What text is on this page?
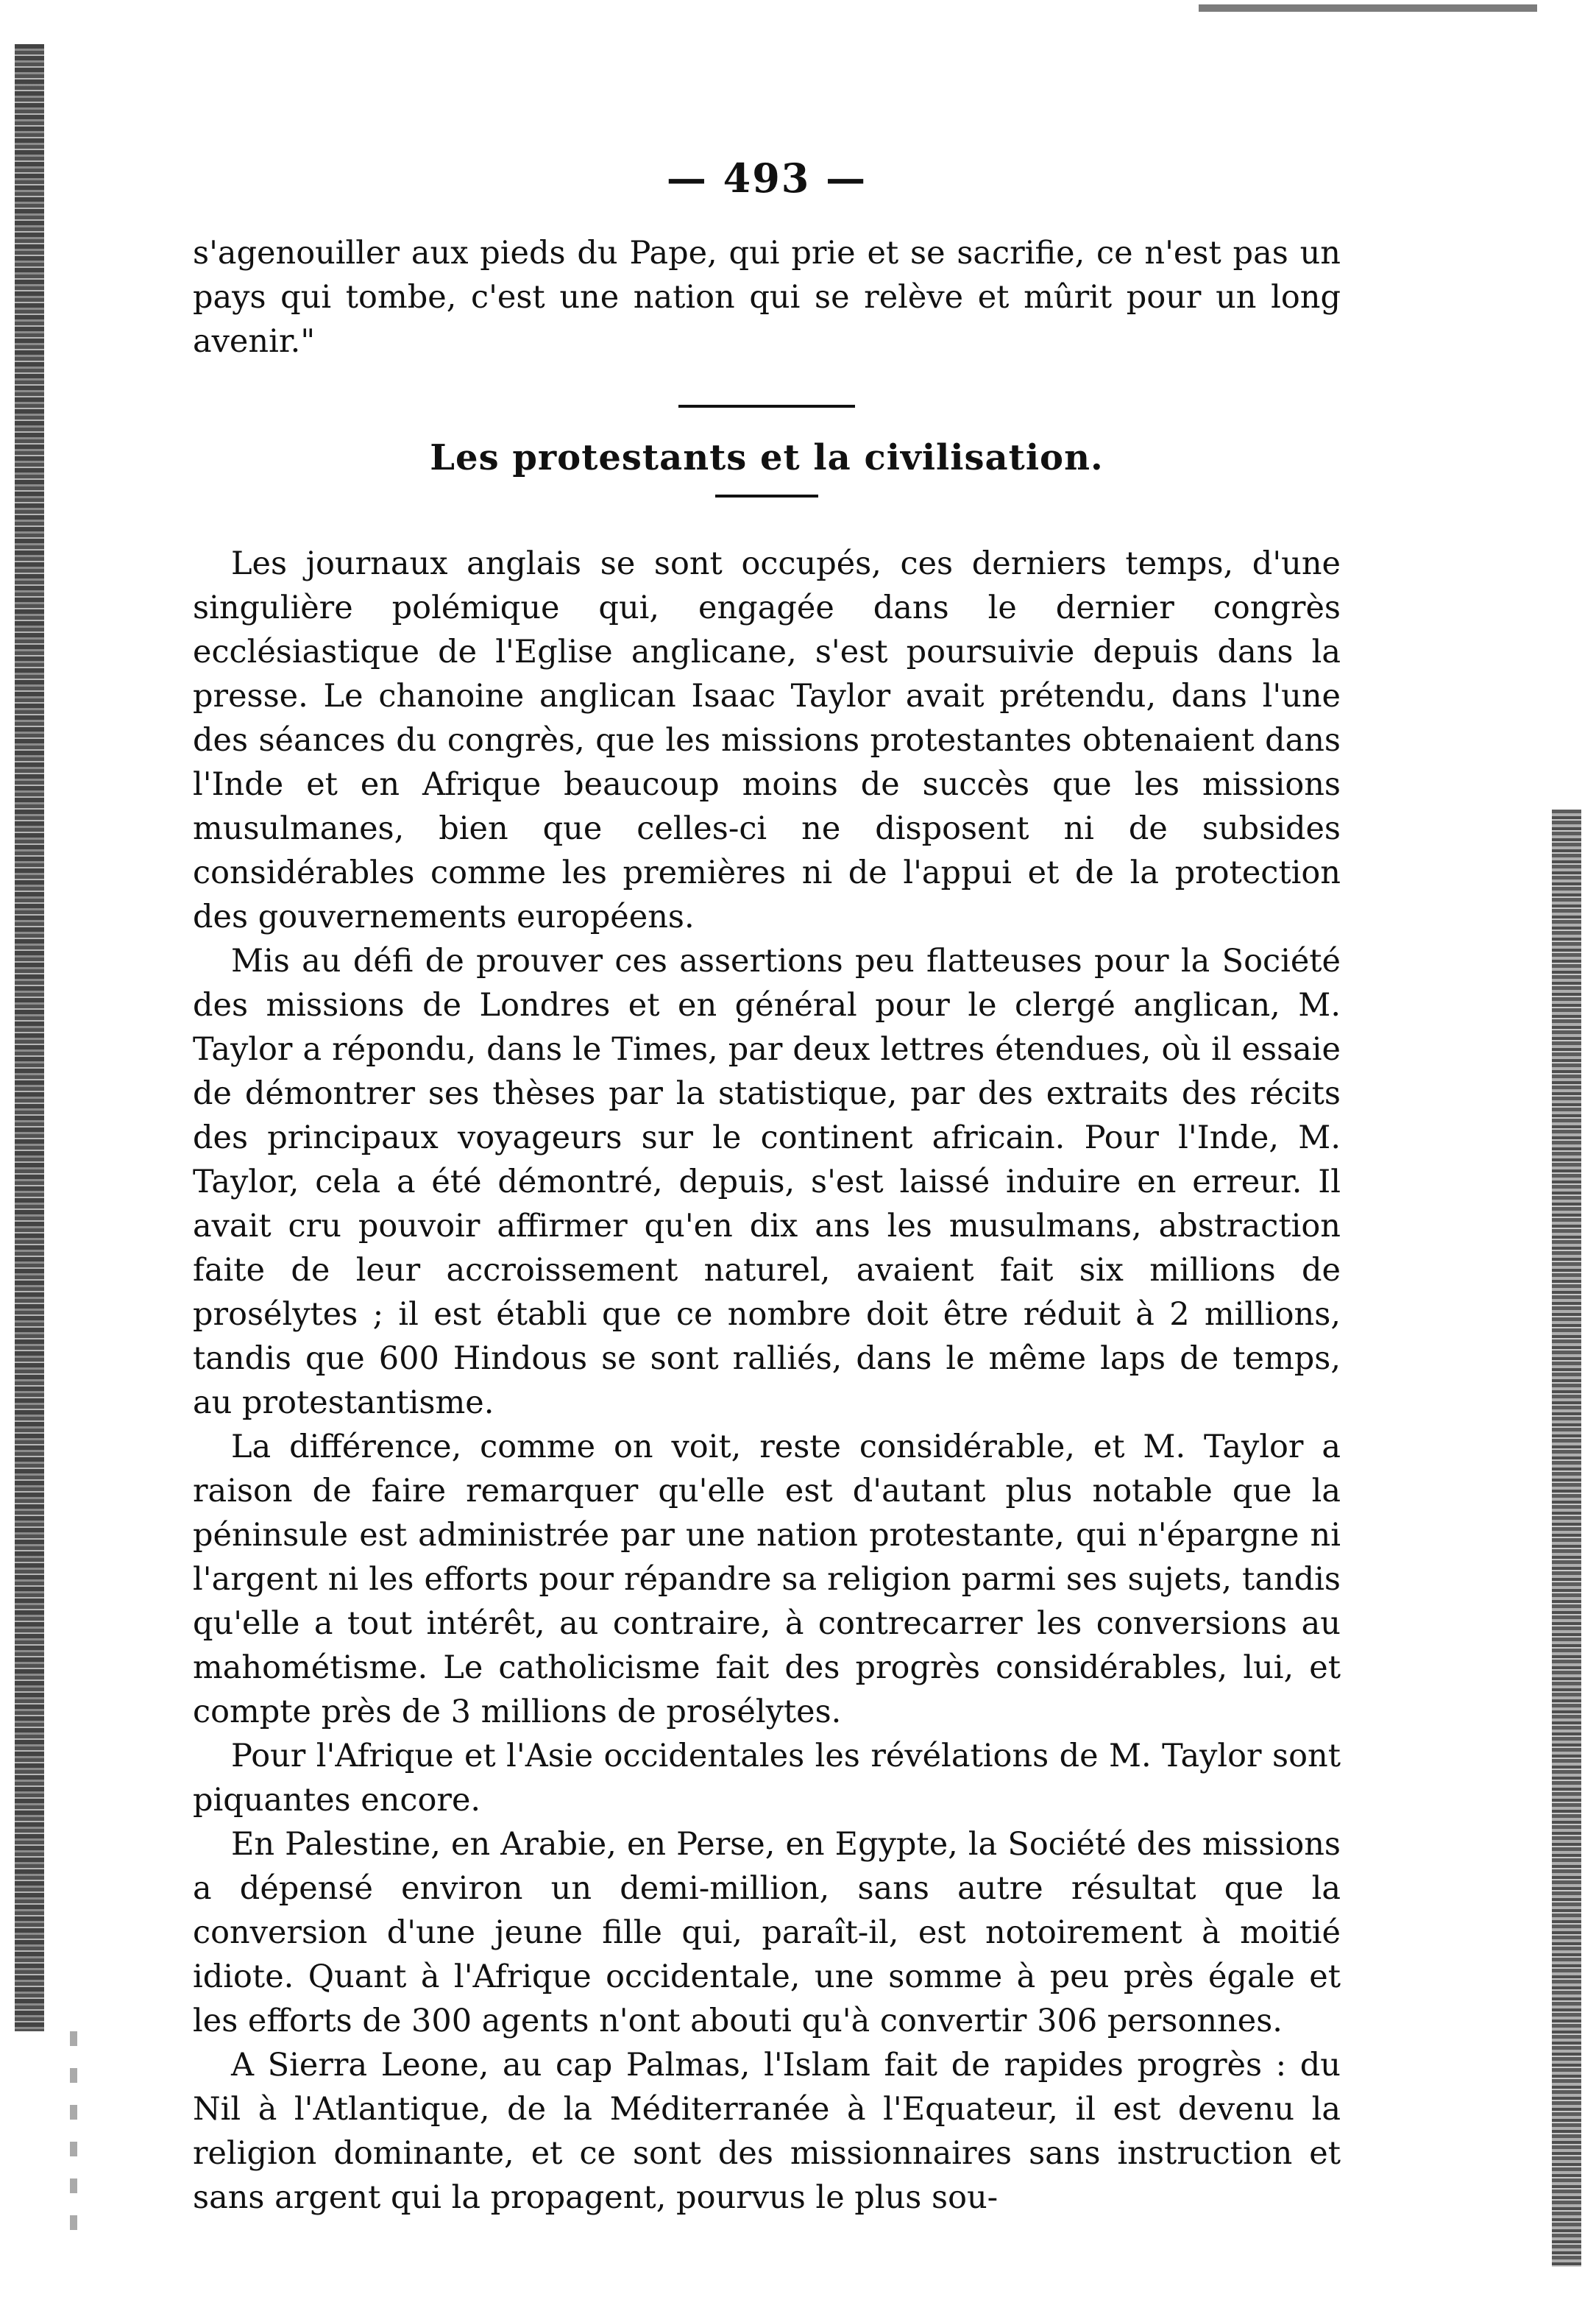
— 493 —

s'agenouiller aux pieds du Pape, qui prie et se sacrifie, ce n'est pas un pays qui tombe, c'est une nation qui se relève et mûrit pour un long avenir."

Les protestants et la civilisation.

Les journaux anglais se sont occupés, ces derniers temps, d'une singulière polémique qui, engagée dans le dernier congrès ecclésiastique de l'Eglise anglicane, s'est poursuivie depuis dans la presse. Le chanoine anglican Isaac Taylor avait prétendu, dans l'une des séances du congrès, que les missions protestantes obtenaient dans l'Inde et en Afrique beaucoup moins de succès que les missions musulmanes, bien que celles-ci ne disposent ni de subsides considérables comme les premières ni de l'appui et de la protection des gouvernements européens.

Mis au défi de prouver ces assertions peu flatteuses pour la Société des missions de Londres et en général pour le clergé anglican, M. Taylor a répondu, dans le Times, par deux lettres étendues, où il essaie de démontrer ses thèses par la statistique, par des extraits des récits des principaux voyageurs sur le continent africain. Pour l'Inde, M. Taylor, cela a été démontré, depuis, s'est laissé induire en erreur. Il avait cru pouvoir affirmer qu'en dix ans les musulmans, abstraction faite de leur accroissement naturel, avaient fait six millions de prosélytes ; il est établi que ce nombre doit être réduit à 2 millions, tandis que 600 Hindous se sont ralliés, dans le même laps de temps, au protestantisme.

La différence, comme on voit, reste considérable, et M. Taylor a raison de faire remarquer qu'elle est d'autant plus notable que la péninsule est administrée par une nation protestante, qui n'épargne ni l'argent ni les efforts pour répandre sa religion parmi ses sujets, tandis qu'elle a tout intérêt, au contraire, à contrecarrer les conversions au mahométisme. Le catholicisme fait des progrès considérables, lui, et compte près de 3 millions de prosélytes.

Pour l'Afrique et l'Asie occidentales les révélations de M. Taylor sont piquantes encore.

En Palestine, en Arabie, en Perse, en Egypte, la Société des missions a dépensé environ un demi-million, sans autre résultat que la conversion d'une jeune fille qui, paraît-il, est notoirement à moitié idiote. Quant à l'Afrique occidentale, une somme à peu près égale et les efforts de 300 agents n'ont abouti qu'à convertir 306 personnes.

A Sierra Leone, au cap Palmas, l'Islam fait de rapides progrès : du Nil à l'Atlantique, de la Méditerranée à l'Equateur, il est devenu la religion dominante, et ce sont des missionnaires sans instruction et sans argent qui la propagent, pourvus le plus sou-
